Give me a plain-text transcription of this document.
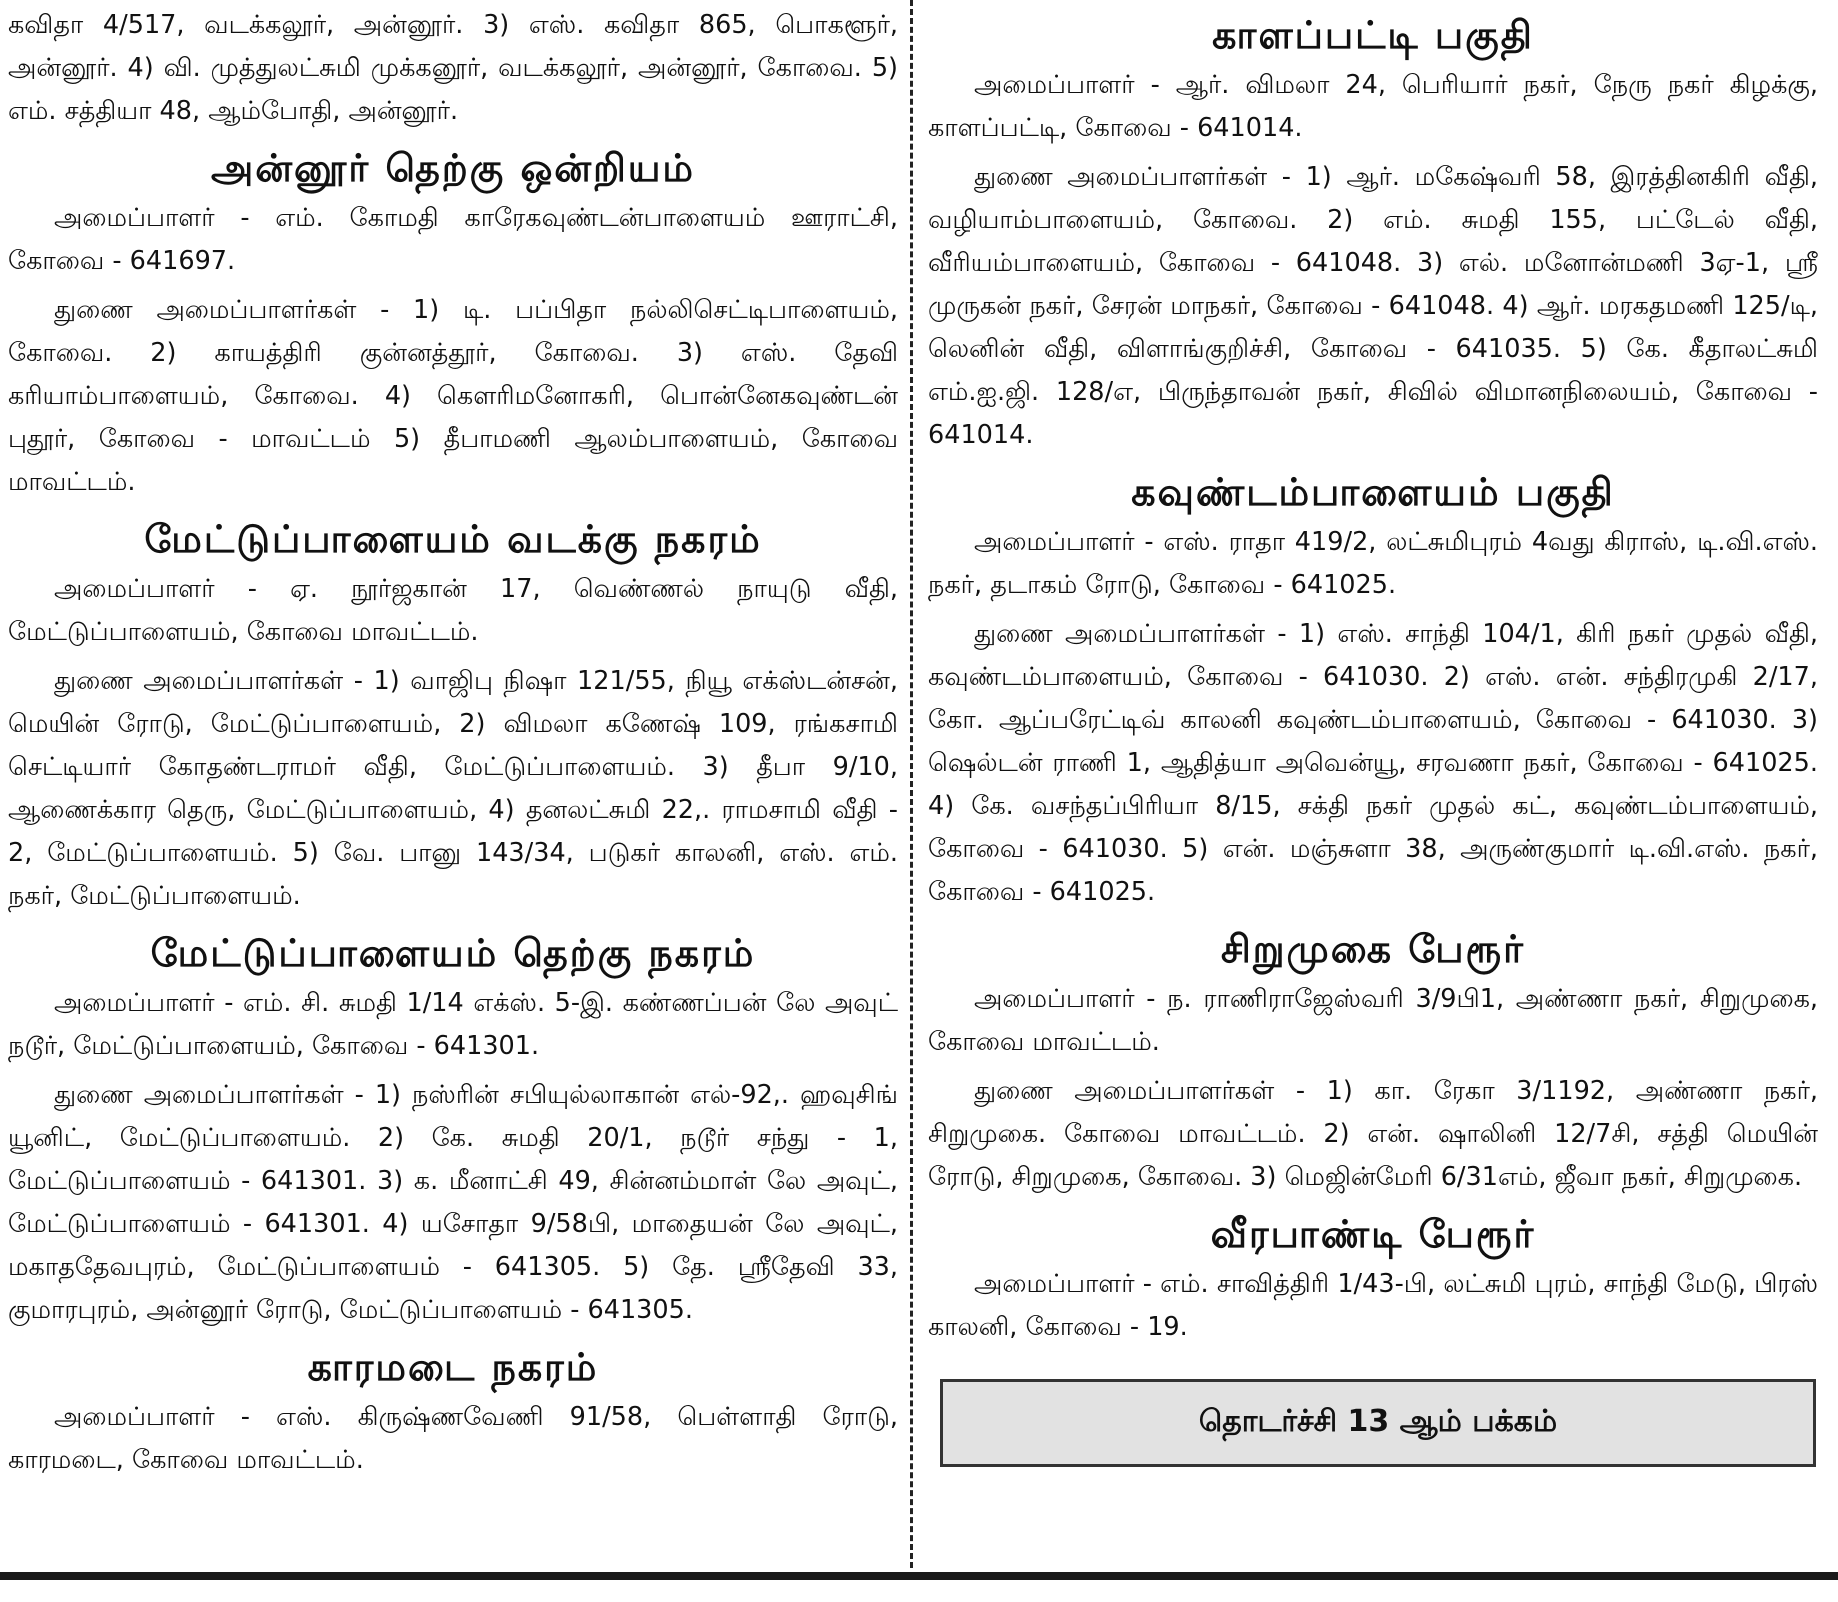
கவிதா 4/517, வடக்கலூர், அன்னூர். 3) எஸ். கவிதா 865, பொகளூர், அன்னூர். 4) வி. முத்துலட்சுமி முக்கனூர், வடக்கலூர், அன்னூர், கோவை. 5) எம். சத்தியா 48, ஆம்போதி, அன்னூர்.

அன்னூர் தெற்கு ஒன்றியம்

அமைப்பாளர் - எம். கோமதி காரேகவுண்டன்பாளையம் ஊராட்சி, கோவை - 641697.

துணை அமைப்பாளர்கள் - 1) டி. பப்பிதா நல்லிசெட்டிபாளையம், கோவை. 2) காயத்திரி குன்னத்தூர், கோவை. 3) எஸ். தேவி கரியாம்பாளையம், கோவை. 4) கௌரிமனோகரி, பொன்னேகவுண்டன் புதூர், கோவை - மாவட்டம் 5) தீபாமணி ஆலம்பாளையம், கோவை மாவட்டம்.

மேட்டுப்பாளையம் வடக்கு நகரம்

அமைப்பாளர் - ஏ. நூர்ஜகான் 17, வெண்ணல் நாயுடு வீதி, மேட்டுப்பாளையம், கோவை மாவட்டம்.

துணை அமைப்பாளர்கள் - 1) வாஜிபு நிஷா 121/55, நியூ எக்ஸ்டன்சன், மெயின் ரோடு, மேட்டுப்பாளையம், 2) விமலா கணேஷ் 109, ரங்கசாமி செட்டியார் கோதண்டராமர் வீதி, மேட்டுப்பாளையம். 3) தீபா 9/10, ஆணைக்கார தெரு, மேட்டுப்பாளையம், 4) தனலட்சுமி 22,. ராமசாமி வீதி - 2, மேட்டுப்பாளையம். 5) வே. பானு 143/34, படுகர் காலனி, எஸ். எம். நகர், மேட்டுப்பாளையம்.

மேட்டுப்பாளையம் தெற்கு நகரம்

அமைப்பாளர் - எம். சி. சுமதி 1/14 எக்ஸ். 5-இ. கண்ணப்பன் லே அவுட் நடூர், மேட்டுப்பாளையம், கோவை - 641301.

துணை அமைப்பாளர்கள் - 1) நஸ்ரின் சபியுல்லாகான் எல்-92,. ஹவுசிங் யூனிட், மேட்டுப்பாளையம். 2) கே. சுமதி 20/1, நடூர் சந்து - 1, மேட்டுப்பாளையம் - 641301. 3) க. மீனாட்சி 49, சின்னம்மாள் லே அவுட், மேட்டுப்பாளையம் - 641301. 4) யசோதா 9/58பி, மாதையன் லே அவுட், மகாததேவபுரம், மேட்டுப்பாளையம் - 641305. 5) தே. ஸ்ரீதேவி 33, குமாரபுரம், அன்னூர் ரோடு, மேட்டுப்பாளையம் - 641305.

காரமடை நகரம்

அமைப்பாளர் - எஸ். கிருஷ்ணவேணி 91/58, பெள்ளாதி ரோடு, காரமடை, கோவை மாவட்டம்.

காளப்பட்டி பகுதி

அமைப்பாளர் - ஆர். விமலா 24, பெரியார் நகர், நேரு நகர் கிழக்கு, காளப்பட்டி, கோவை - 641014.

துணை அமைப்பாளர்கள் - 1) ஆர். மகேஷ்வரி 58, இரத்தினகிரி வீதி, வழியாம்பாளையம், கோவை. 2) எம். சுமதி 155, பட்டேல் வீதி, வீரியம்பாளையம், கோவை - 641048. 3) எல். மனோன்மணி 3ஏ-1, ஸ்ரீ முருகன் நகர், சேரன் மாநகர், கோவை - 641048. 4) ஆர். மரகதமணி 125/டி, லெனின் வீதி, விளாங்குறிச்சி, கோவை - 641035. 5) கே. கீதாலட்சுமி எம்.ஐ.ஜி. 128/எ, பிருந்தாவன் நகர், சிவில் விமானநிலையம், கோவை - 641014.

கவுண்டம்பாளையம் பகுதி

அமைப்பாளர் - எஸ். ராதா 419/2, லட்சுமிபுரம் 4வது கிராஸ், டி.வி.எஸ். நகர், தடாகம் ரோடு, கோவை - 641025.

துணை அமைப்பாளர்கள் - 1) எஸ். சாந்தி 104/1, கிரி நகர் முதல் வீதி, கவுண்டம்பாளையம், கோவை - 641030. 2) எஸ். என். சந்திரமுகி 2/17, கோ. ஆப்பரேட்டிவ் காலனி கவுண்டம்பாளையம், கோவை - 641030. 3) ஷெல்டன் ராணி 1, ஆதித்யா அவென்யூ, சரவணா நகர், கோவை - 641025. 4) கே. வசந்தப்பிரியா 8/15, சக்தி நகர் முதல் கட், கவுண்டம்பாளையம், கோவை - 641030. 5) என். மஞ்சுளா 38, அருண்குமார் டி.வி.எஸ். நகர், கோவை - 641025.

சிறுமுகை பேரூர்

அமைப்பாளர் - ந. ராணிராஜேஸ்வரி 3/9பி1, அண்ணா நகர், சிறுமுகை, கோவை மாவட்டம்.

துணை அமைப்பாளர்கள் - 1) கா. ரேகா 3/1192, அண்ணா நகர், சிறுமுகை. கோவை மாவட்டம். 2) என். ஷாலினி 12/7சி, சத்தி மெயின் ரோடு, சிறுமுகை, கோவை. 3) மெஜின்மேரி 6/31எம், ஜீவா நகர், சிறுமுகை.

வீரபாண்டி பேரூர்

அமைப்பாளர் - எம். சாவித்திரி 1/43-பி, லட்சுமி புரம், சாந்தி மேடு, பிரஸ் காலனி, கோவை - 19.

தொடர்ச்சி 13 ஆம் பக்கம்
